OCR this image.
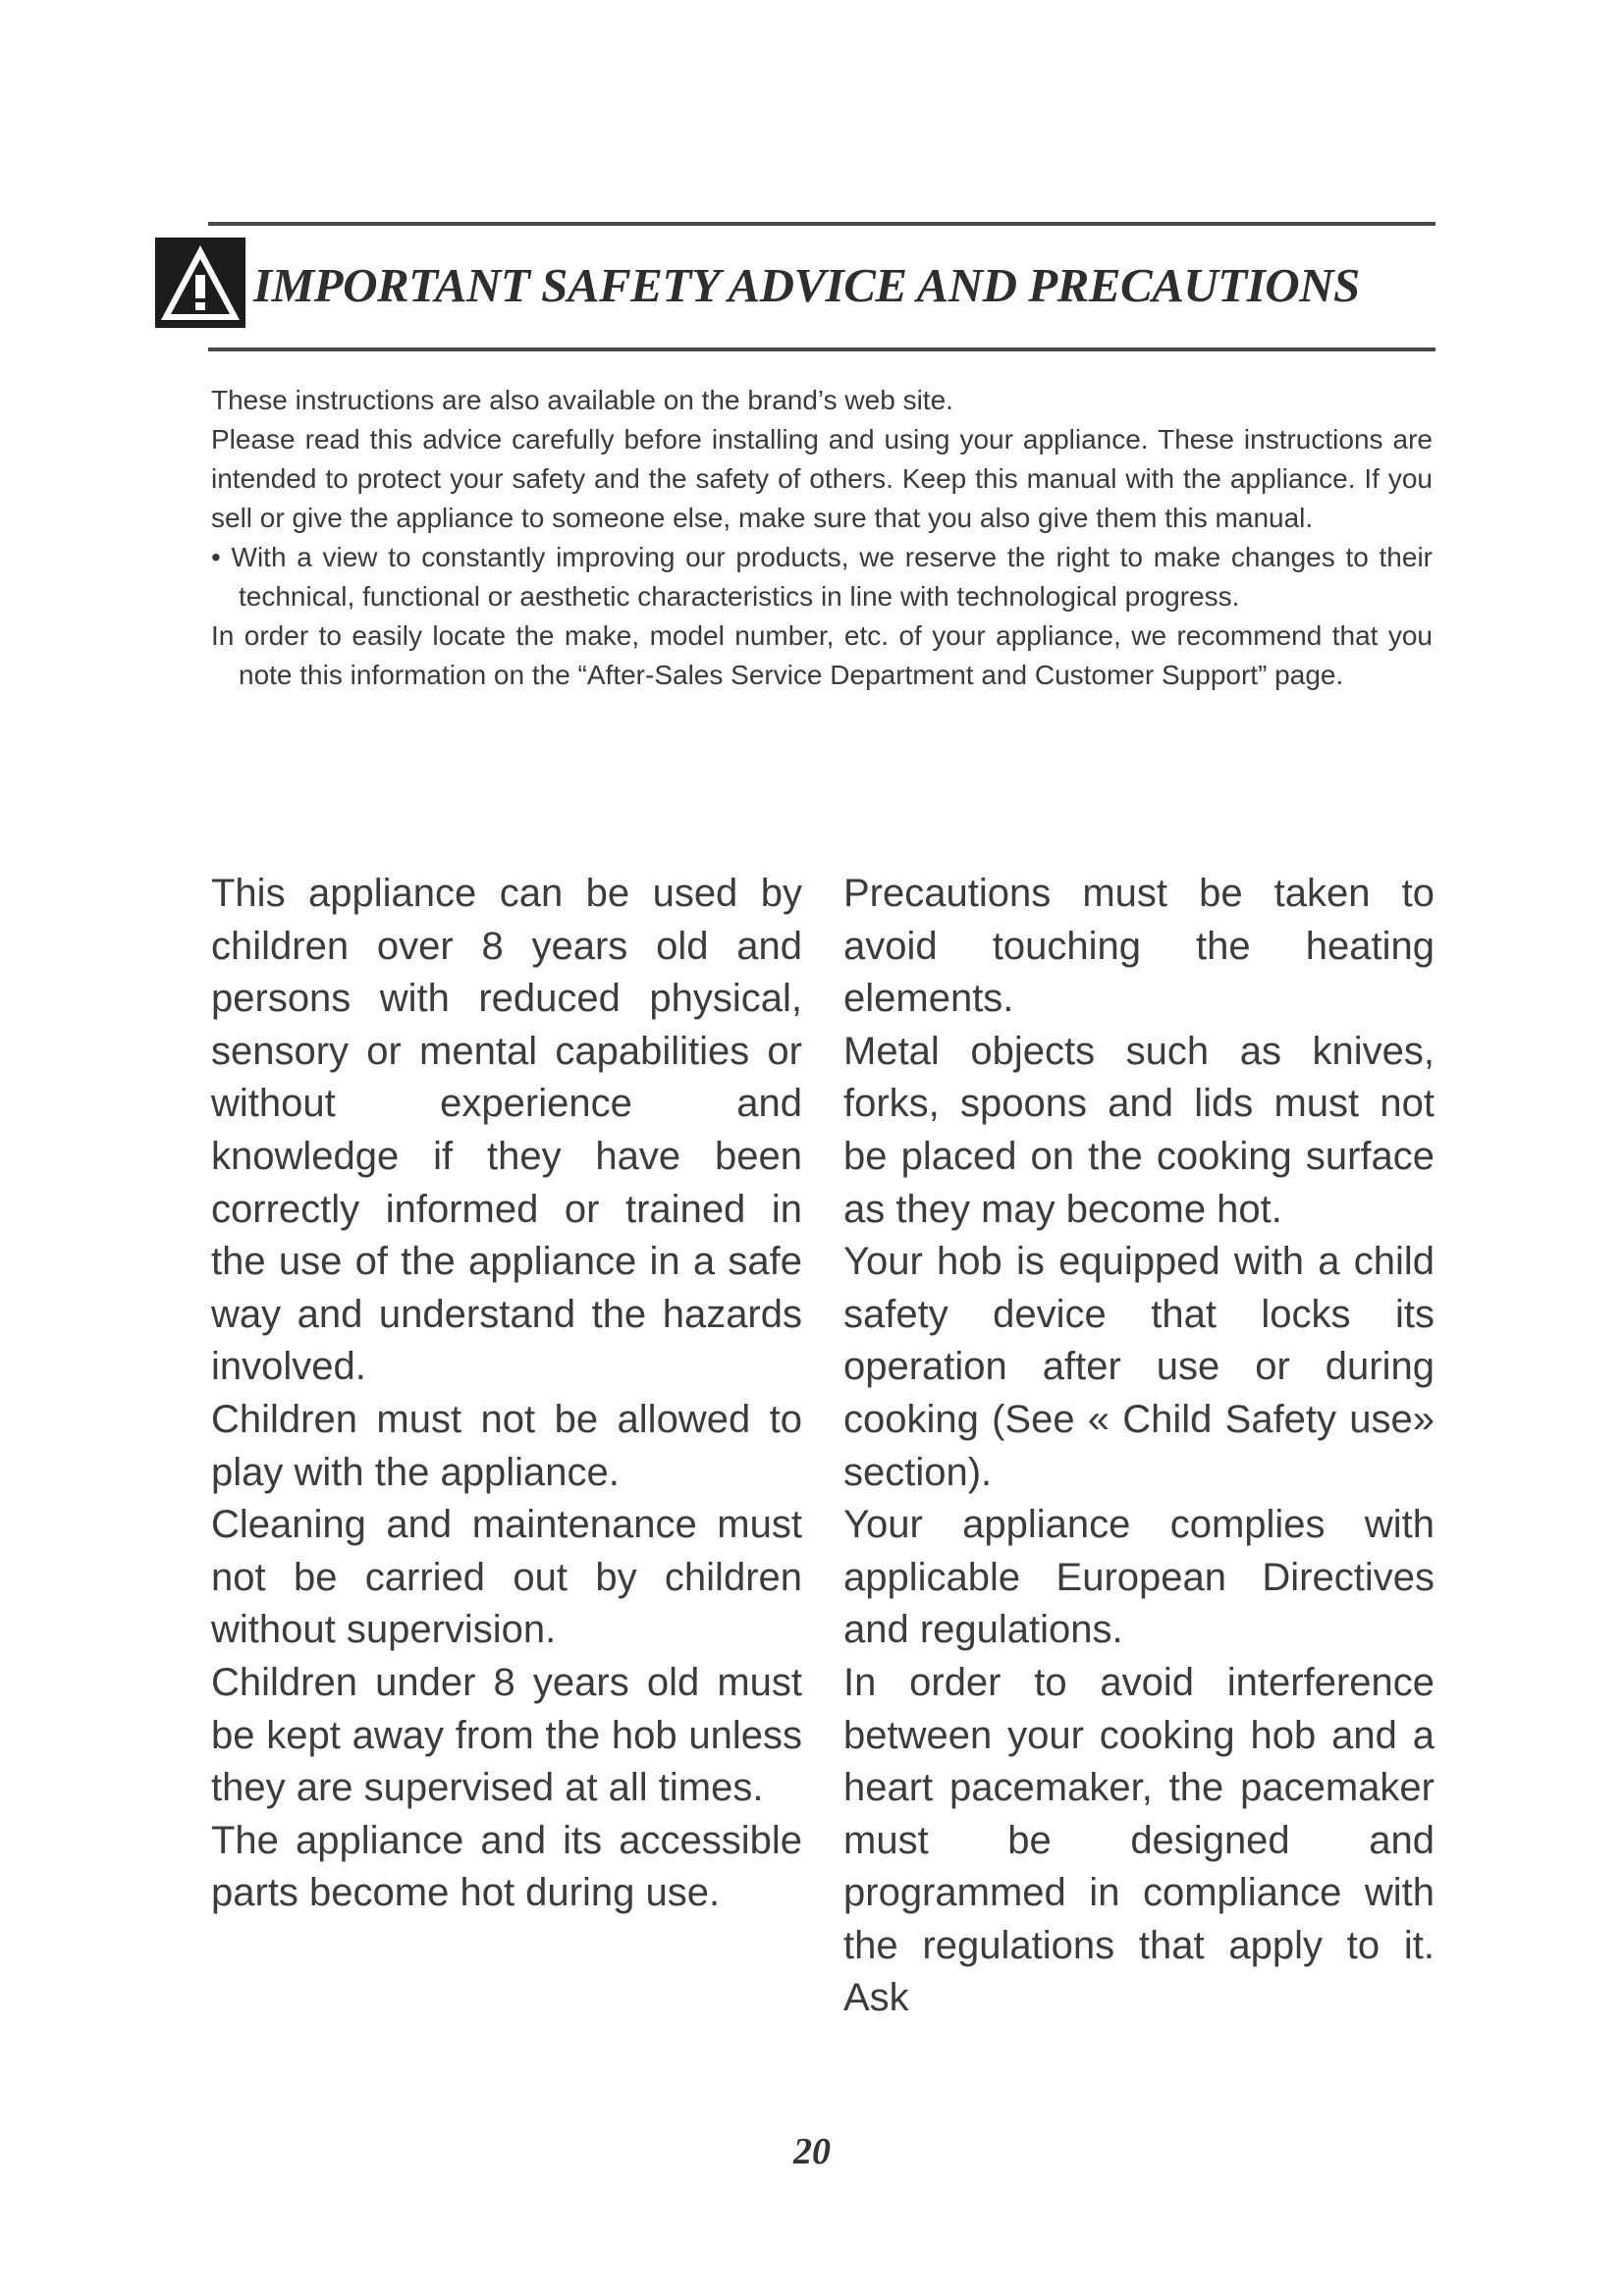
IMPORTANT SAFETY ADVICE AND PRECAUTIONS

These instructions are also available on the brand’s web site.

Please read this advice carefully before installing and using your appliance. These instructions are intended to protect your safety and the safety of others. Keep this manual with the appliance. If you sell or give the appliance to someone else, make sure that you also give them this manual.

• With a view to constantly improving our products, we reserve the right to make changes to their technical, functional or aesthetic characteristics in line with technological progress.

In order to easily locate the make, model number, etc. of your appliance, we recommend that you note this information on the “After-Sales Service Department and Customer Support” page.

This appliance can be used by children over 8 years old and persons with reduced physical, sensory or mental capabilities or without experience and knowledge if they have been correctly informed or trained in the use of the appliance in a safe way and understand the hazards involved.

Children must not be allowed to play with the appliance.

Cleaning and maintenance must not be carried out by children without supervision.

Children under 8 years old must be kept away from the hob unless they are supervised at all times.

The appliance and its accessible parts become hot during use.

Precautions must be taken to avoid touching the heating elements.

Metal objects such as knives, forks, spoons and lids must not be placed on the cooking surface as they may become hot.

Your hob is equipped with a child safety device that locks its operation after use or during cooking (See « Child Safety use» section).

Your appliance complies with applicable European Directives and regulations.

In order to avoid interference between your cooking hob and a heart pacemaker, the pacemaker must be designed and programmed in compliance with the regulations that apply to it. Ask

20
